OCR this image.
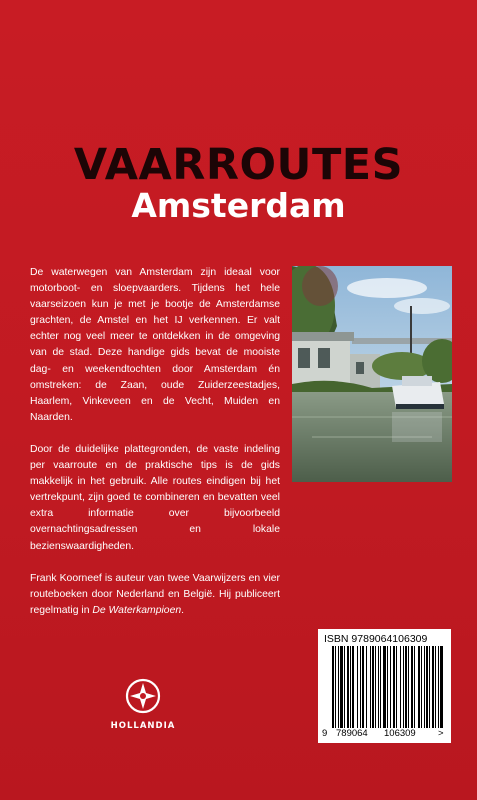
VAARROUTES
Amsterdam

De waterwegen van Amsterdam zijn ideaal voor motorboot- en sloepvaarders. Tijdens het hele vaarseizoen kun je met je bootje de Amsterdamse grachten, de Amstel en het IJ verkennen. Er valt echter nog veel meer te ontdekken in de omgeving van de stad. Deze handige gids bevat de mooiste dag- en weekendtochten door Amsterdam én omstreken: de Zaan, oude Zuiderzeestadjes, Haarlem, Vinkeveen en de Vecht, Muiden en Naarden.

Door de duidelijke plattegronden, de vaste indeling per vaarroute en de praktische tips is de gids makkelijk in het gebruik. Alle routes eindigen bij het vertrekpunt, zijn goed te combineren en bevatten veel extra informatie over bijvoorbeeld overnachtingsadressen en lokale bezienswaardigheden.

Frank Koorneef is auteur van twee Vaarwijzers en vier routeboeken door Nederland en België. Hij publiceert regelmatig in De Waterkampioen.

HOLLANDIA
ISBN 9789064106309
9 789064 106309 >
